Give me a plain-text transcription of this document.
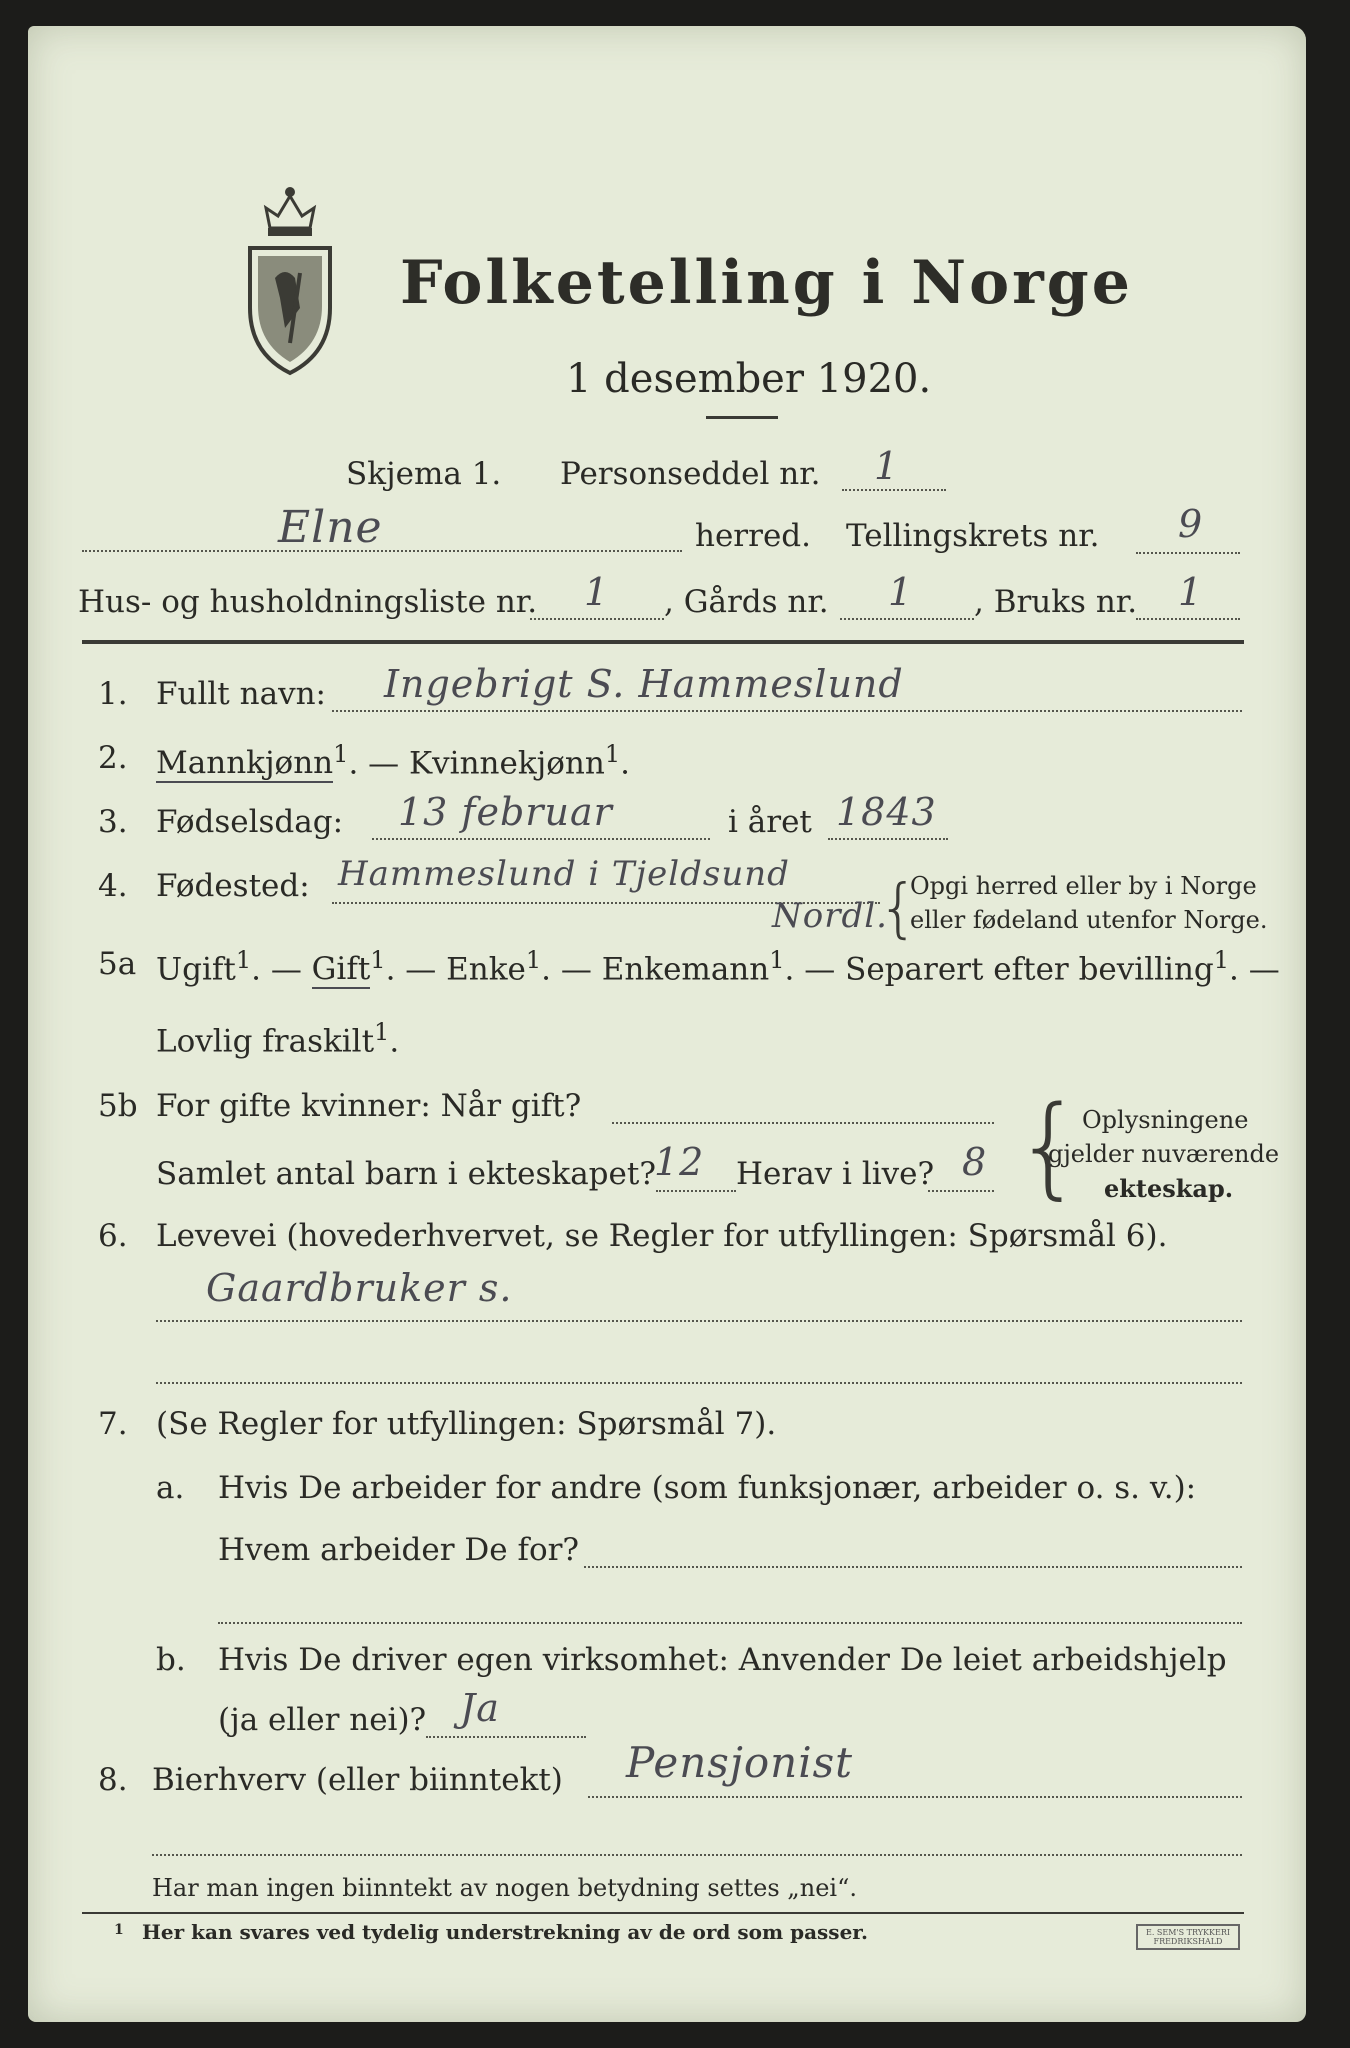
Folketelling i Norge
1 desember 1920.
Skjema 1. Personseddel nr. 1
Elne	herred. Tellingskrets nr. 9
Hus- og husholdningsliste nr. 1 , Gårds nr. 1 , Bruks nr. 1
1. Fullt navn: Ingebrigt S. Hammeslund
2. Mannkjønn$^1$. — Kvinnekjønn$^1$.
3. Fødselsdag: 13 februar	i året 1843
4. Fødested: Hammeslund i Tjeldsund
Nordl.
{
Opgi herred eller by i Norge
eller fødeland utenfor Norge.
5a Ugift$^1$. — Gift$^1$. — Enke$^1$. — Enkemann$^1$. — Separert efter bevilling$^1$. —
Lovlig fraskilt$^1$.
5b For gifte kvinner: Når gift?
Samlet antal barn i ekteskapet?
12 Herav i live? 8 {
Oplysningene
gjelder nuværende
ekteskap.
6. Levevei (hovederhvervet, se Regler for utfyllingen: Spørsmål 6).
Gaardbruker s.
7. (Se Regler for utfyllingen: Spørsmål 7).
a. Hvis De arbeider for andre (som funksjonær, arbeider o. s. v.):
Hvem arbeider De for?
b. Hvis De driver egen virksomhet: Anvender De leiet arbeidshjelp
(ja eller nei)? Ja
8. Bierhverv (eller biinntekt) Pensjonist
Har man ingen biinntekt av nogen betydning settes „nei“.
1 Her kan svares ved tydelig understrekning av de ord som passer.	E. SEM'S TRYKKERI FREDRIKSHALD
